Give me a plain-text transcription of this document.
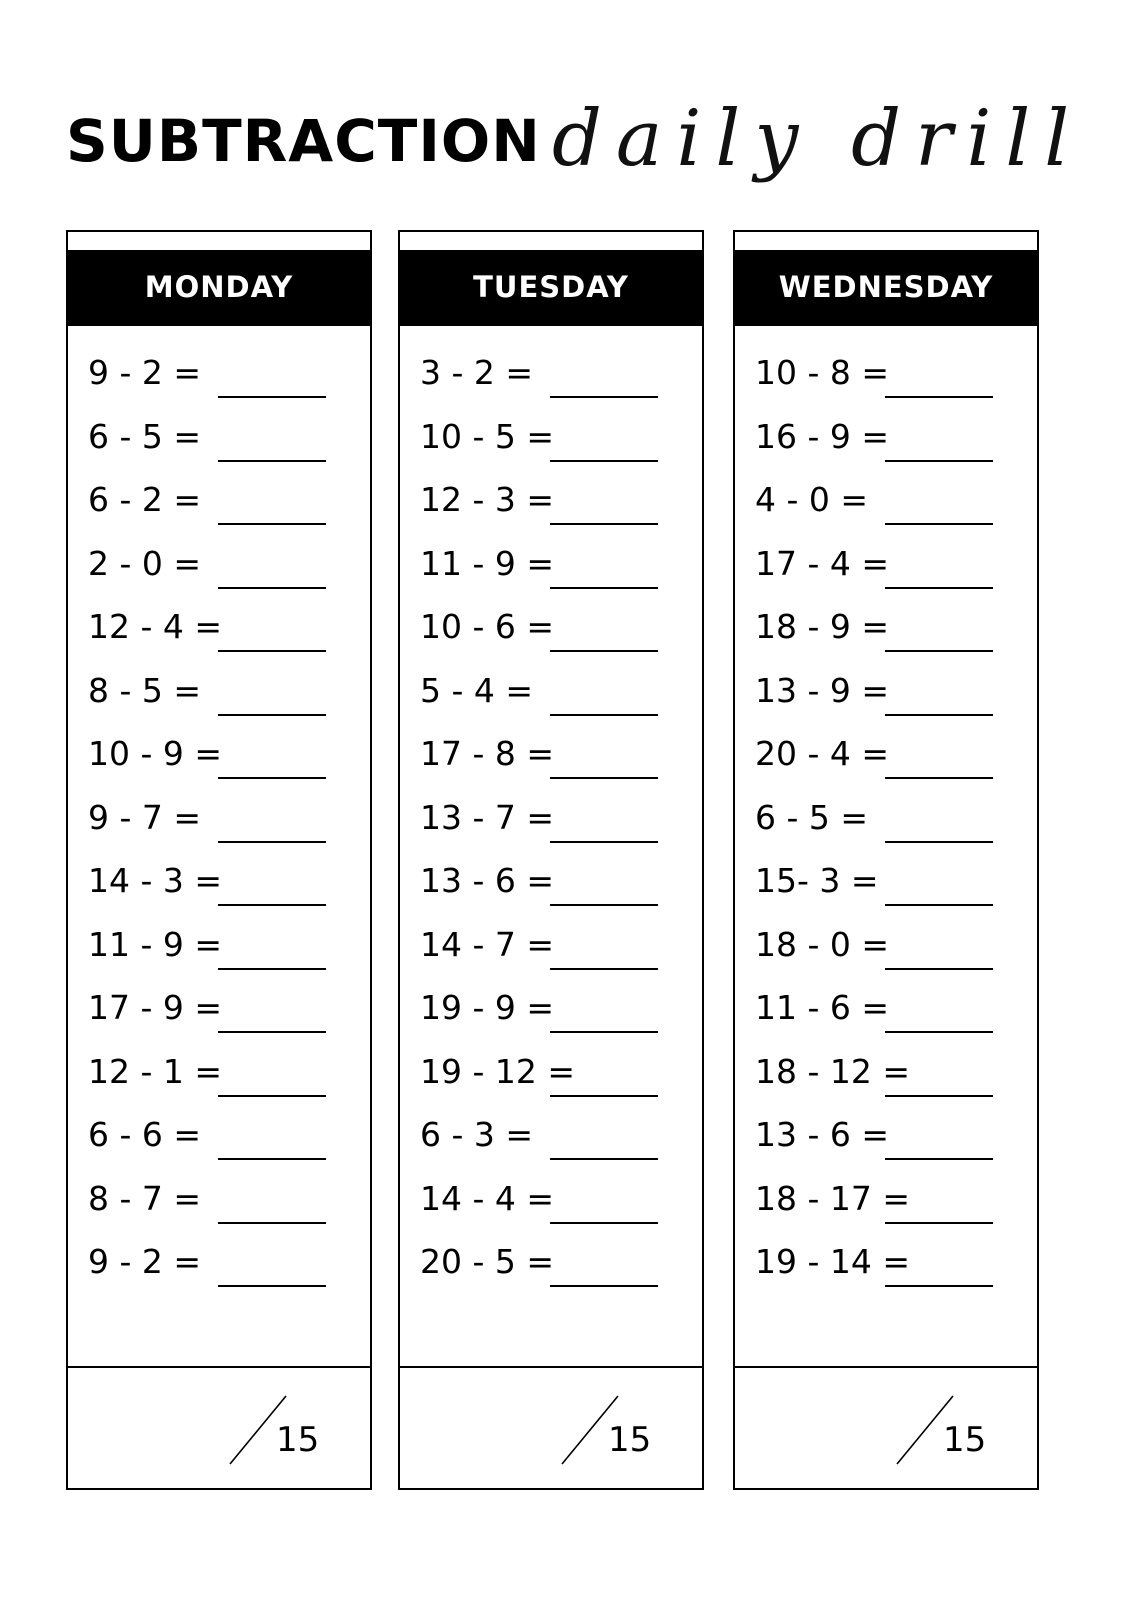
SUBTRACTION daily drill
MONDAY
9 - 2 =
6 - 5 =
6 - 2 =
2 - 0 =
12 - 4 =
8 - 5 =
10 - 9 =
9 - 7 =
14 - 3 =
11 - 9 =
17 - 9 =
12 - 1 =
6 - 6 =
8 - 7 =
9 - 2 =
15
TUESDAY
3 - 2 =
10 - 5 =
12 - 3 =
11 - 9 =
10 - 6 =
5 - 4 =
17 - 8 =
13 - 7 =
13 - 6 =
14 - 7 =
19 - 9 =
19 - 12 =
6 - 3 =
14 - 4 =
20 - 5 =
15
WEDNESDAY
10 - 8 =
16 - 9 =
4 - 0 =
17 - 4 =
18 - 9 =
13 - 9 =
20 - 4 =
6 - 5 =
15- 3 =
18 - 0 =
11 - 6 =
18 - 12 =
13 - 6 =
18 - 17 =
19 - 14 =
15
